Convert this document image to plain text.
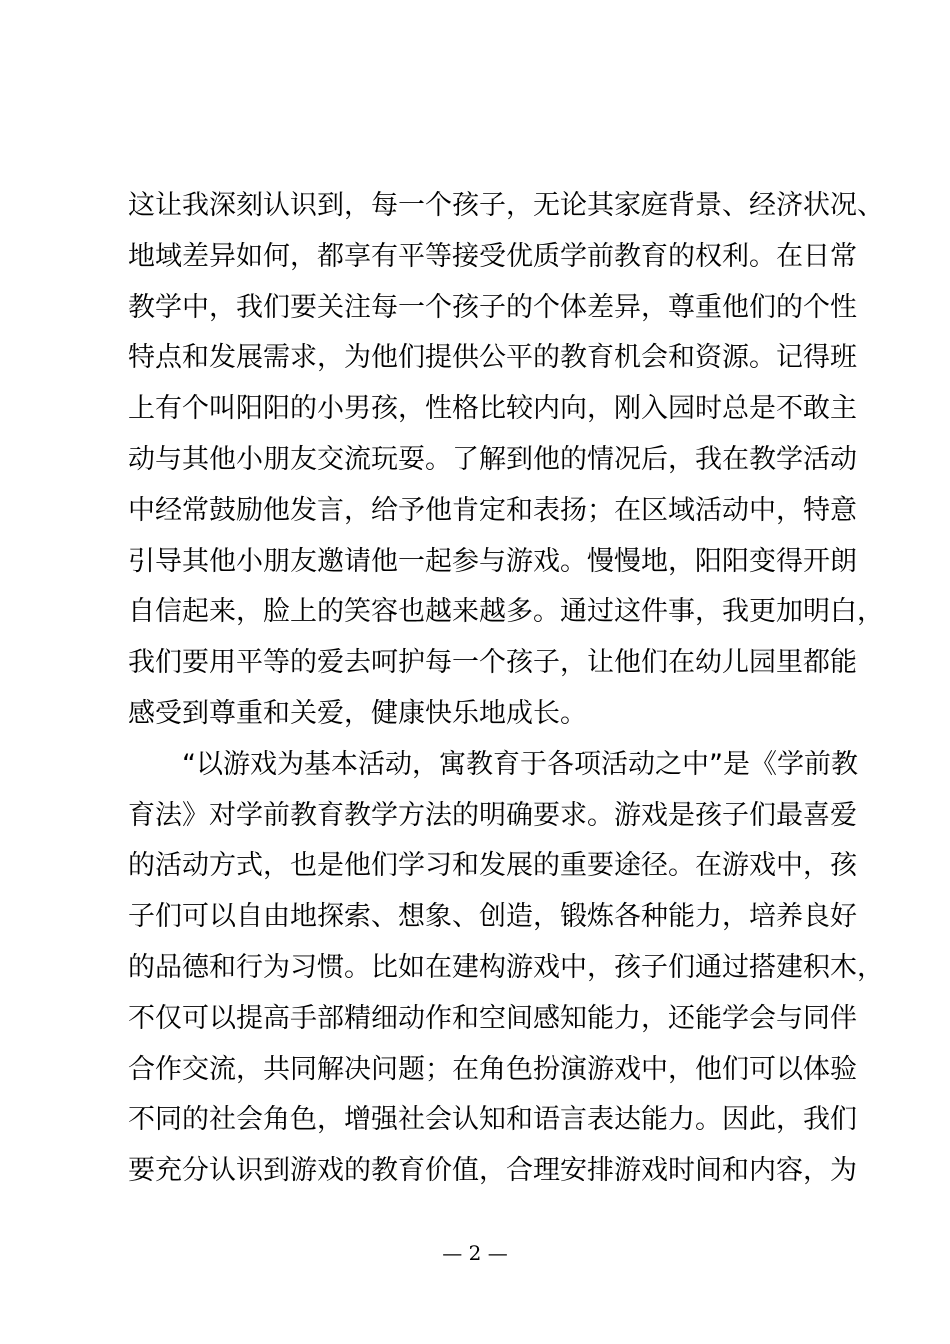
这让我深刻认识到，每一个孩子，无论其家庭背景、经济状况、
地域差异如何，都享有平等接受优质学前教育的权利。在日常
教学中，我们要关注每一个孩子的个体差异，尊重他们的个性
特点和发展需求，为他们提供公平的教育机会和资源。记得班
上有个叫阳阳的小男孩，性格比较内向，刚入园时总是不敢主
动与其他小朋友交流玩耍。了解到他的情况后，我在教学活动
中经常鼓励他发言，给予他肯定和表扬；在区域活动中，特意
引导其他小朋友邀请他一起参与游戏。慢慢地，阳阳变得开朗
自信起来，脸上的笑容也越来越多。通过这件事，我更加明白，
我们要用平等的爱去呵护每一个孩子，让他们在幼儿园里都能
感受到尊重和关爱，健康快乐地成长。
“以游戏为基本活动，寓教育于各项活动之中”是《学前教
育法》对学前教育教学方法的明确要求。游戏是孩子们最喜爱
的活动方式，也是他们学习和发展的重要途径。在游戏中，孩
子们可以自由地探索、想象、创造，锻炼各种能力，培养良好
的品德和行为习惯。比如在建构游戏中，孩子们通过搭建积木，
不仅可以提高手部精细动作和空间感知能力，还能学会与同伴
合作交流，共同解决问题；在角色扮演游戏中，他们可以体验
不同的社会角色，增强社会认知和语言表达能力。因此，我们
要充分认识到游戏的教育价值，合理安排游戏时间和内容，为
— 2 —
